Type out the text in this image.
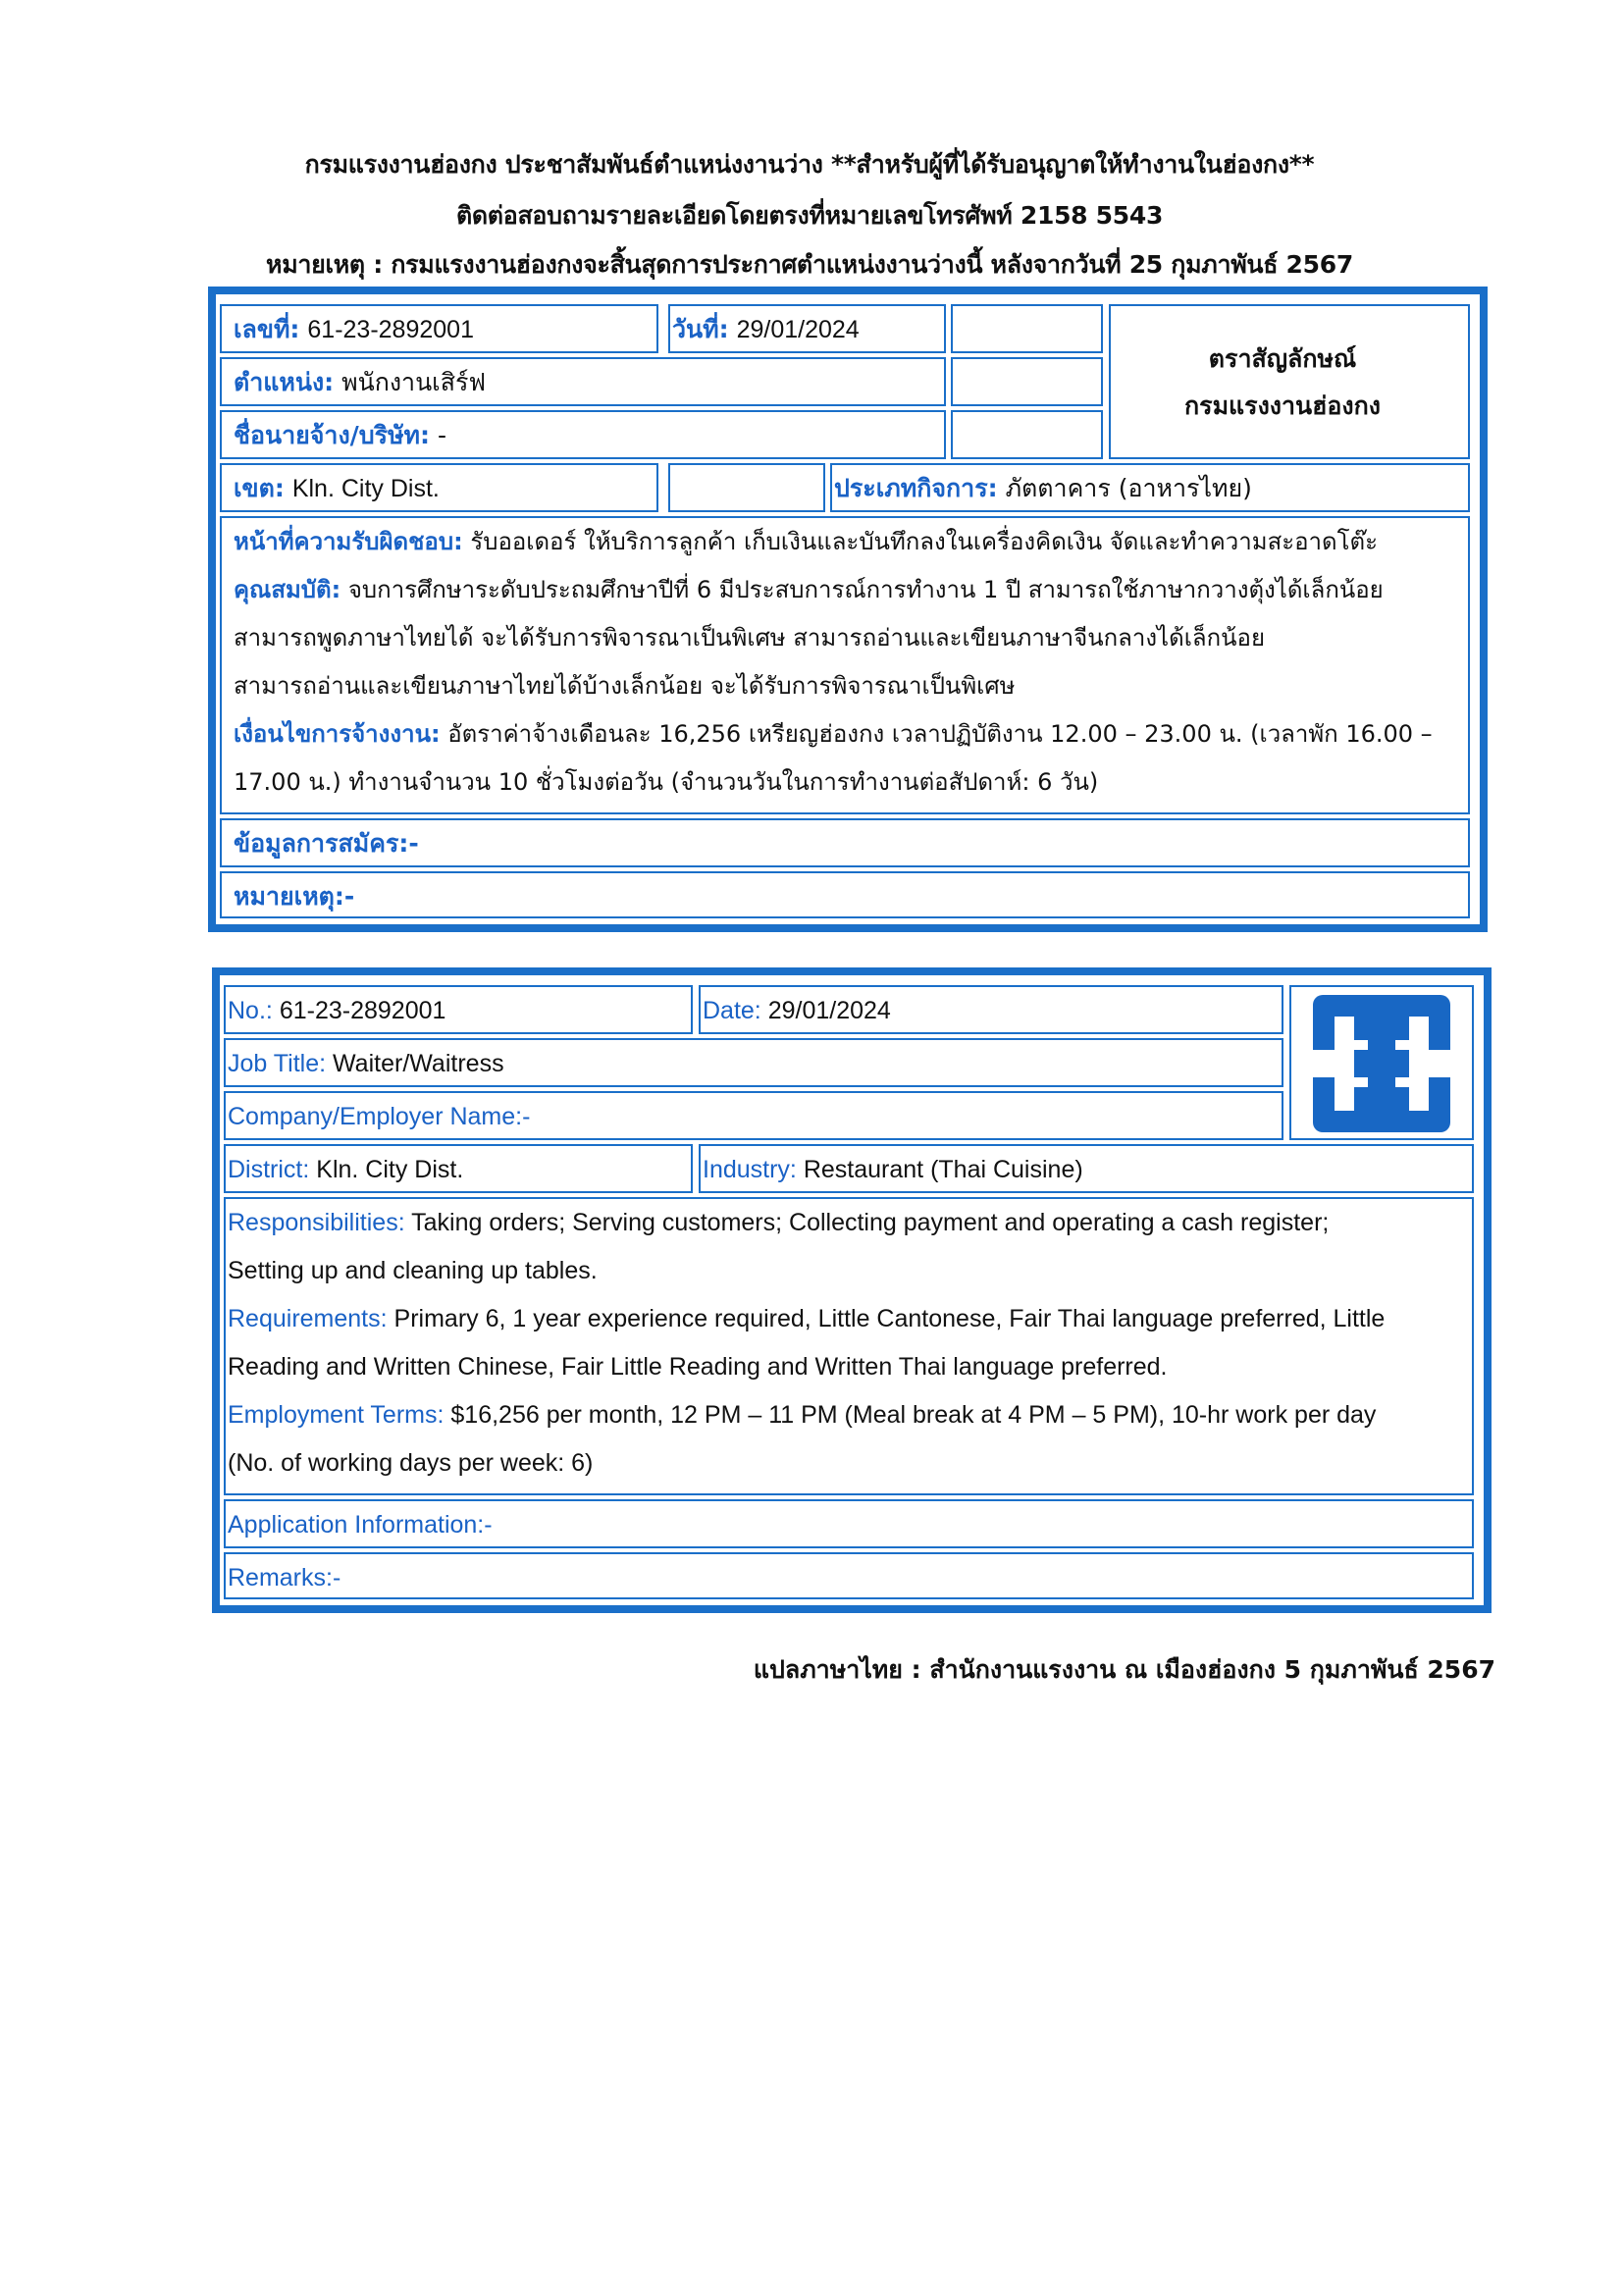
กรมแรงงานฮ่องกง ประชาสัมพันธ์ตำแหน่งงานว่าง **สำหรับผู้ที่ได้รับอนุญาตให้ทำงานในฮ่องกง**
ติดต่อสอบถามรายละเอียดโดยตรงที่หมายเลขโทรศัพท์ 2158 5543
หมายเหตุ : กรมแรงงานฮ่องกงจะสิ้นสุดการประกาศตำแหน่งงานว่างนี้ หลังจากวันที่ 25 กุมภาพันธ์ 2567
เลขที่: 61-23-2892001	วันที่: 29/01/2024
ตำแหน่ง: พนักงานเสิร์ฟ
ชื่อนายจ้าง/บริษัท: -
ตราสัญลักษณ์
กรมแรงงานฮ่องกง
เขต: Kln. City Dist.	ประเภทกิจการ: ภัตตาคาร (อาหารไทย)

หน้าที่ความรับผิดชอบ: รับออเดอร์ ให้บริการลูกค้า เก็บเงินและบันทึกลงในเครื่องคิดเงิน จัดและทำความสะอาดโต๊ะ

คุณสมบัติ: จบการศึกษาระดับประถมศึกษาปีที่ 6 มีประสบการณ์การทำงาน 1 ปี สามารถใช้ภาษากวางตุ้งได้เล็กน้อย

สามารถพูดภาษาไทยได้ จะได้รับการพิจารณาเป็นพิเศษ สามารถอ่านและเขียนภาษาจีนกลางได้เล็กน้อย

สามารถอ่านและเขียนภาษาไทยได้บ้างเล็กน้อย จะได้รับการพิจารณาเป็นพิเศษ

เงื่อนไขการจ้างงาน: อัตราค่าจ้างเดือนละ 16,256 เหรียญฮ่องกง เวลาปฏิบัติงาน 12.00 – 23.00 น. (เวลาพัก 16.00 –

17.00 น.) ทำงานจำนวน 10 ชั่วโมงต่อวัน (จำนวนวันในการทำงานต่อสัปดาห์: 6 วัน)

ข้อมูลการสมัคร:-
หมายเหตุ:-
No.: 61-23-2892001	Date: 29/01/2024
Job Title: Waiter/Waitress
Company/Employer Name:-
District: Kln. City Dist.	Industry: Restaurant (Thai Cuisine)

Responsibilities: Taking orders; Serving customers; Collecting payment and operating a cash register;

Setting up and cleaning up tables.

Requirements: Primary 6, 1 year experience required, Little Cantonese, Fair Thai language preferred, Little

Reading and Written Chinese, Fair Little Reading and Written Thai language preferred.

Employment Terms: $16,256 per month, 12 PM – 11 PM (Meal break at 4 PM – 5 PM), 10-hr work per day

(No. of working days per week: 6)

Application Information:-
Remarks:-
แปลภาษาไทย : สำนักงานแรงงาน ณ เมืองฮ่องกง 5 กุมภาพันธ์ 2567
